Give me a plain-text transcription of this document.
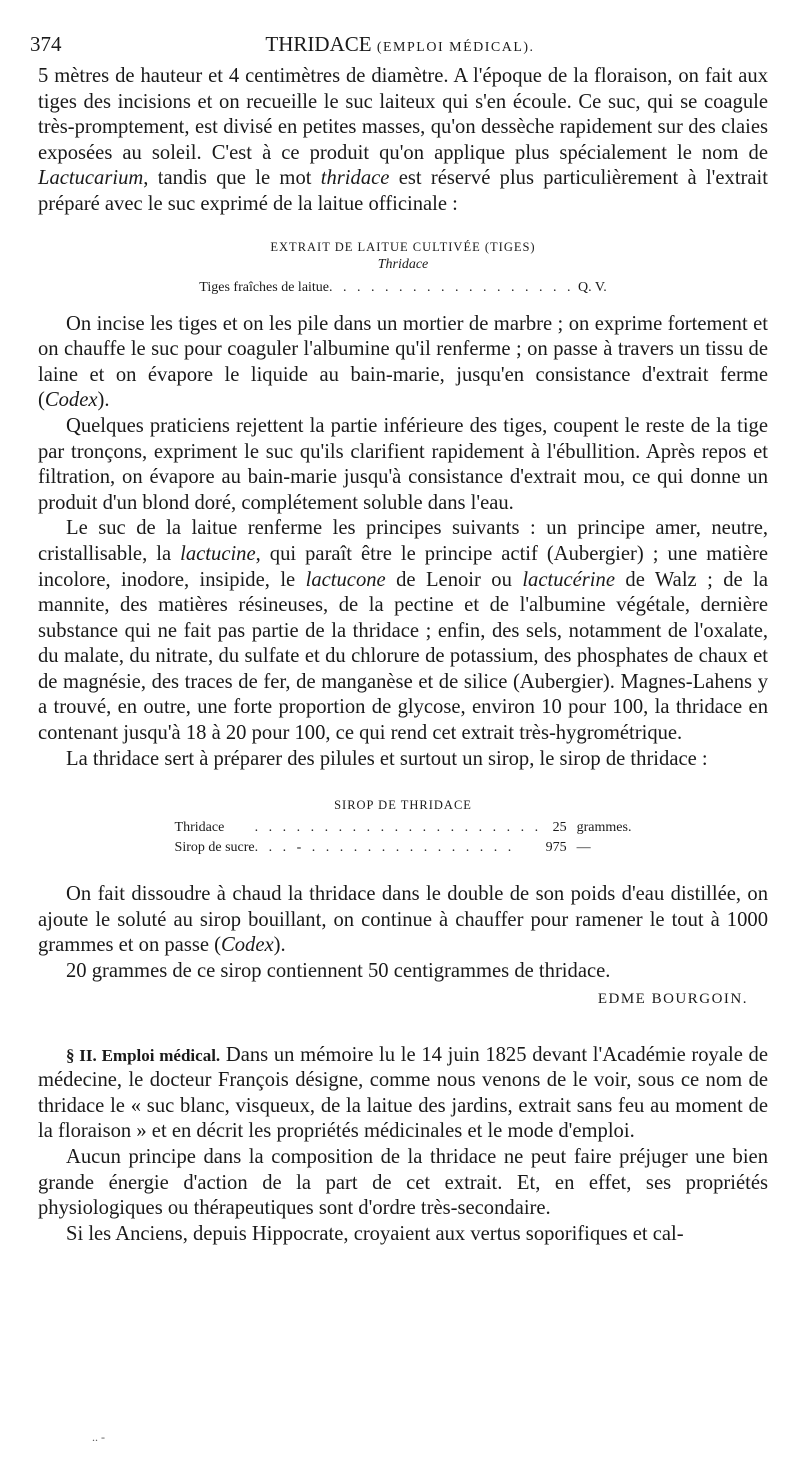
374	THRIDACE (EMPLOI MÉDICAL).

5 mètres de hauteur et 4 centimètres de diamètre. A l'époque de la floraison, on fait aux tiges des incisions et on recueille le suc laiteux qui s'en écoule. Ce suc, qui se coagule très-promptement, est divisé en petites masses, qu'on dessèche rapidement sur des claies exposées au soleil. C'est à ce produit qu'on applique plus spécialement le nom de Lactucarium, tandis que le mot thridace est réservé plus particulièrement à l'extrait préparé avec le suc exprimé de la laitue officinale :

EXTRAIT DE LAITUE CULTIVÉE (TIGES)
Thridace
Tiges fraîches de laitue	. . . . . . . . . . . . . . . . . .	Q. V.

On incise les tiges et on les pile dans un mortier de marbre ; on exprime fortement et on chauffe le suc pour coaguler l'albumine qu'il renferme ; on passe à travers un tissu de laine et on évapore le liquide au bain-marie, jusqu'en consistance d'extrait ferme (Codex).

Quelques praticiens rejettent la partie inférieure des tiges, coupent le reste de la tige par tronçons, expriment le suc qu'ils clarifient rapidement à l'ébullition. Après repos et filtration, on évapore au bain-marie jusqu'à consistance d'extrait mou, ce qui donne un produit d'un blond doré, complétement soluble dans l'eau.

Le suc de la laitue renferme les principes suivants : un principe amer, neutre, cristallisable, la lactucine, qui paraît être le principe actif (Aubergier) ; une matière incolore, inodore, insipide, le lactucone de Lenoir ou lactucérine de Walz ; de la mannite, des matières résineuses, de la pectine et de l'albumine végétale, dernière substance qui ne fait pas partie de la thridace ; enfin, des sels, notamment de l'oxalate, du malate, du nitrate, du sulfate et du chlorure de potassium, des phosphates de chaux et de magnésie, des traces de fer, de manganèse et de silice (Aubergier). Magnes-Lahens y a trouvé, en outre, une forte proportion de glycose, environ 10 pour 100, la thridace en contenant jusqu'à 18 à 20 pour 100, ce qui rend cet extrait très-hygrométrique.

La thridace sert à préparer des pilules et surtout un sirop, le sirop de thridace :

SIROP DE THRIDACE
Thridace	. . . . . . . . . . . . . . . . . . . . .	25	grammes.
Sirop de sucre	. . . - . . . . . . . . . . . . . . .	975	—

On fait dissoudre à chaud la thridace dans le double de son poids d'eau distillée, on ajoute le soluté au sirop bouillant, on continue à chauffer pour ramener le tout à 1000 grammes et on passe (Codex).

20 grammes de ce sirop contiennent 50 centigrammes de thridace.

EDME BOURGOIN.

§ II. Emploi médical. Dans un mémoire lu le 14 juin 1825 devant l'Académie royale de médecine, le docteur François désigne, comme nous venons de le voir, sous ce nom de thridace le « suc blanc, visqueux, de la laitue des jardins, extrait sans feu au moment de la floraison » et en décrit les propriétés médicinales et le mode d'emploi.

Aucun principe dans la composition de la thridace ne peut faire préjuger une bien grande énergie d'action de la part de cet extrait. Et, en effet, ses propriétés physiologiques ou thérapeutiques sont d'ordre très-secondaire.

Si les Anciens, depuis Hippocrate, croyaient aux vertus soporifiques et cal-

.. -
